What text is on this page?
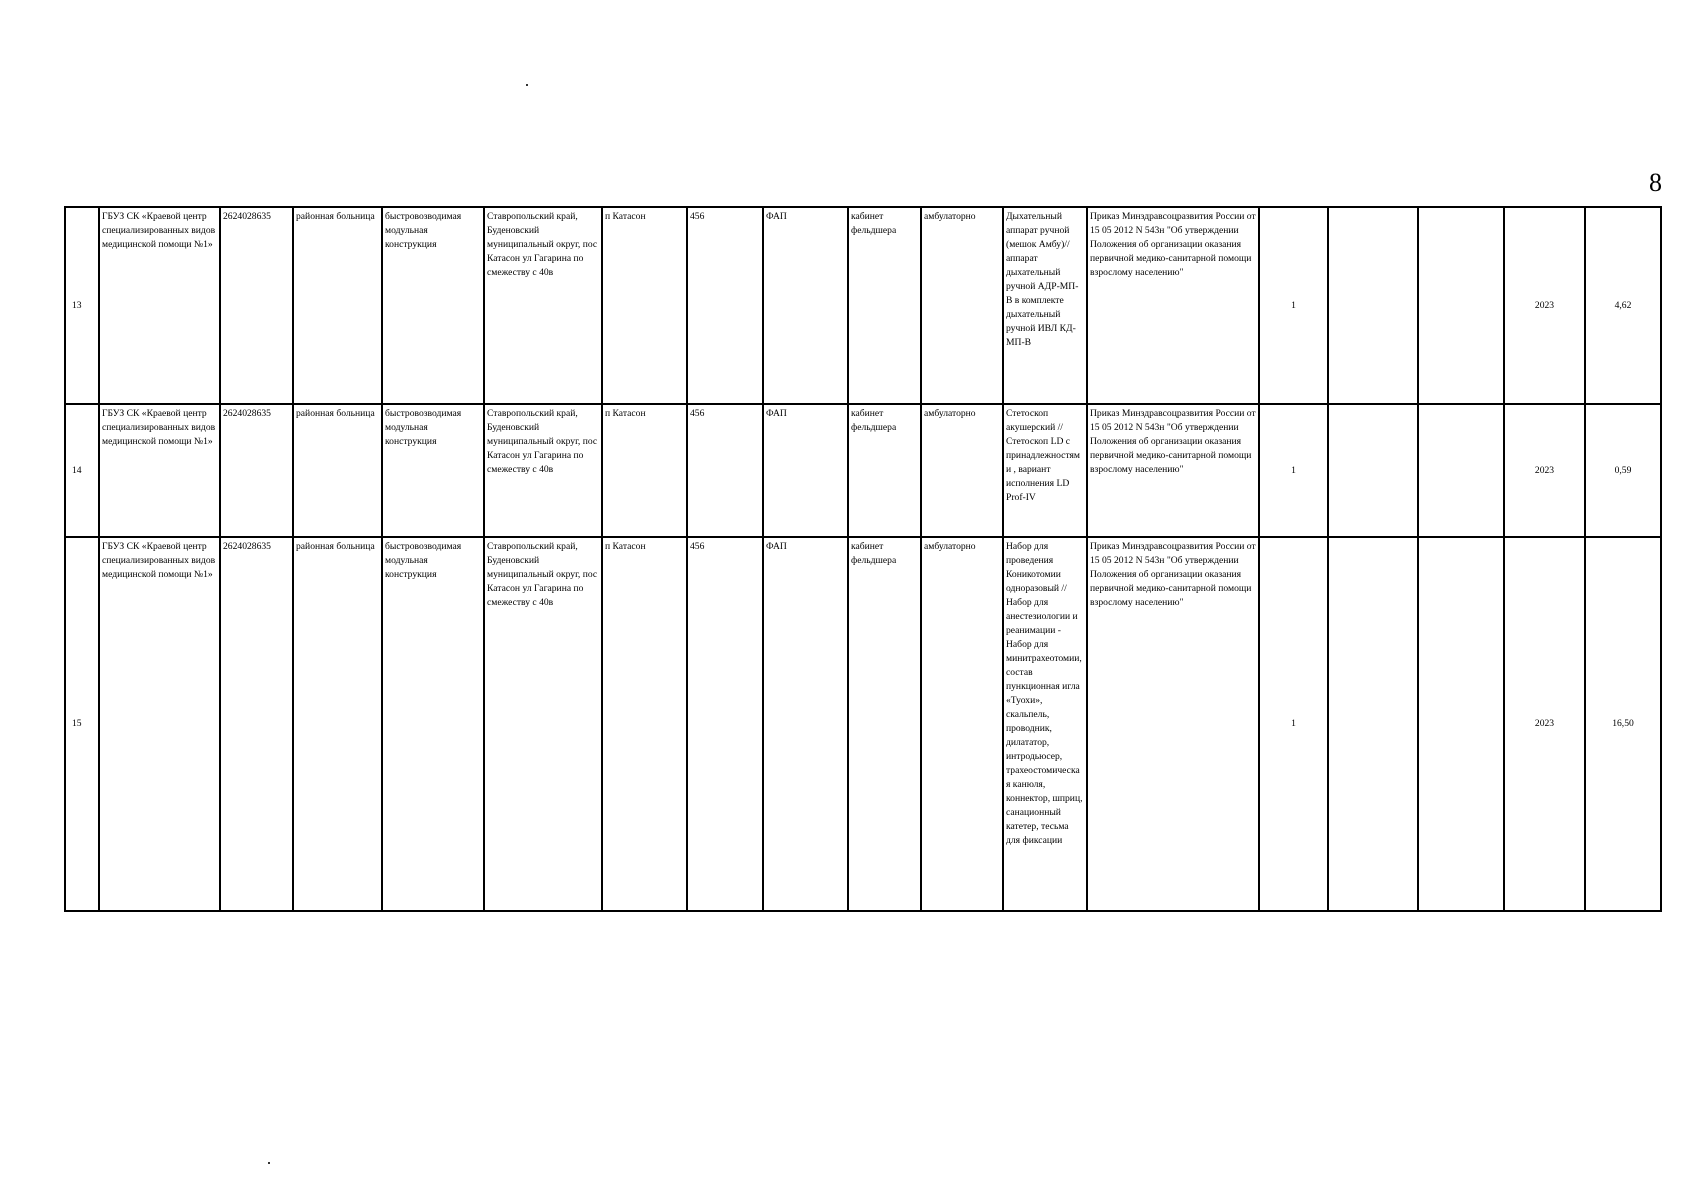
8
13	ГБУЗ СК «Краевой центр специализированных видов медицинской помощи №1»	2624028635	районная больница	быстровозводимая модульная конструкция	Ставропольский край, Буденовский муниципальный округ, пос Катасон ул Гагарина по смежеству с 40в	п Катасон	456	ФАП	кабинет фельдшера	амбулаторно	Дыхательный аппарат ручной (мешок Амбу)// аппарат дыхательный ручной АДР-МП-В в комплекте дыхательный ручной ИВЛ КД-МП-В	Приказ Минздравсоцразвития России от 15 05 2012 N 543н "Об утверждении Положения об организации оказания первичной медико-санитарной помощи взрослому населению"	1			2023	4,62
14	ГБУЗ СК «Краевой центр специализированных видов медицинской помощи №1»	2624028635	районная больница	быстровозводимая модульная конструкция	Ставропольский край, Буденовский муниципальный округ, пос Катасон ул Гагарина по смежеству с 40в	п Катасон	456	ФАП	кабинет фельдшера	амбулаторно	Стетоскоп акушерский // Стетоскоп LD с принадлежностями , вариант исполнения LD Prof-IV	Приказ Минздравсоцразвития России от 15 05 2012 N 543н "Об утверждении Положения об организации оказания первичной медико-санитарной помощи взрослому населению"	1			2023	0,59
15	ГБУЗ СК «Краевой центр специализированных видов медицинской помощи №1»	2624028635	районная больница	быстровозводимая модульная конструкция	Ставропольский край, Буденовский муниципальный округ, пос Катасон ул Гагарина по смежеству с 40в	п Катасон	456	ФАП	кабинет фельдшера	амбулаторно	Набор для проведения Коникотомии одноразовый // Набор для анестезиологии и реанимации - Набор для минитрахеотомии, состав пункционная игла «Туохи», скальпель, проводник, дилататор, интродьюсер, трахеостомическая канюля, коннектор, шприц, санационный катетер, тесьма для фиксации	Приказ Минздравсоцразвития России от 15 05 2012 N 543н "Об утверждении Положения об организации оказания первичной медико-санитарной помощи взрослому населению"	1			2023	16,50
